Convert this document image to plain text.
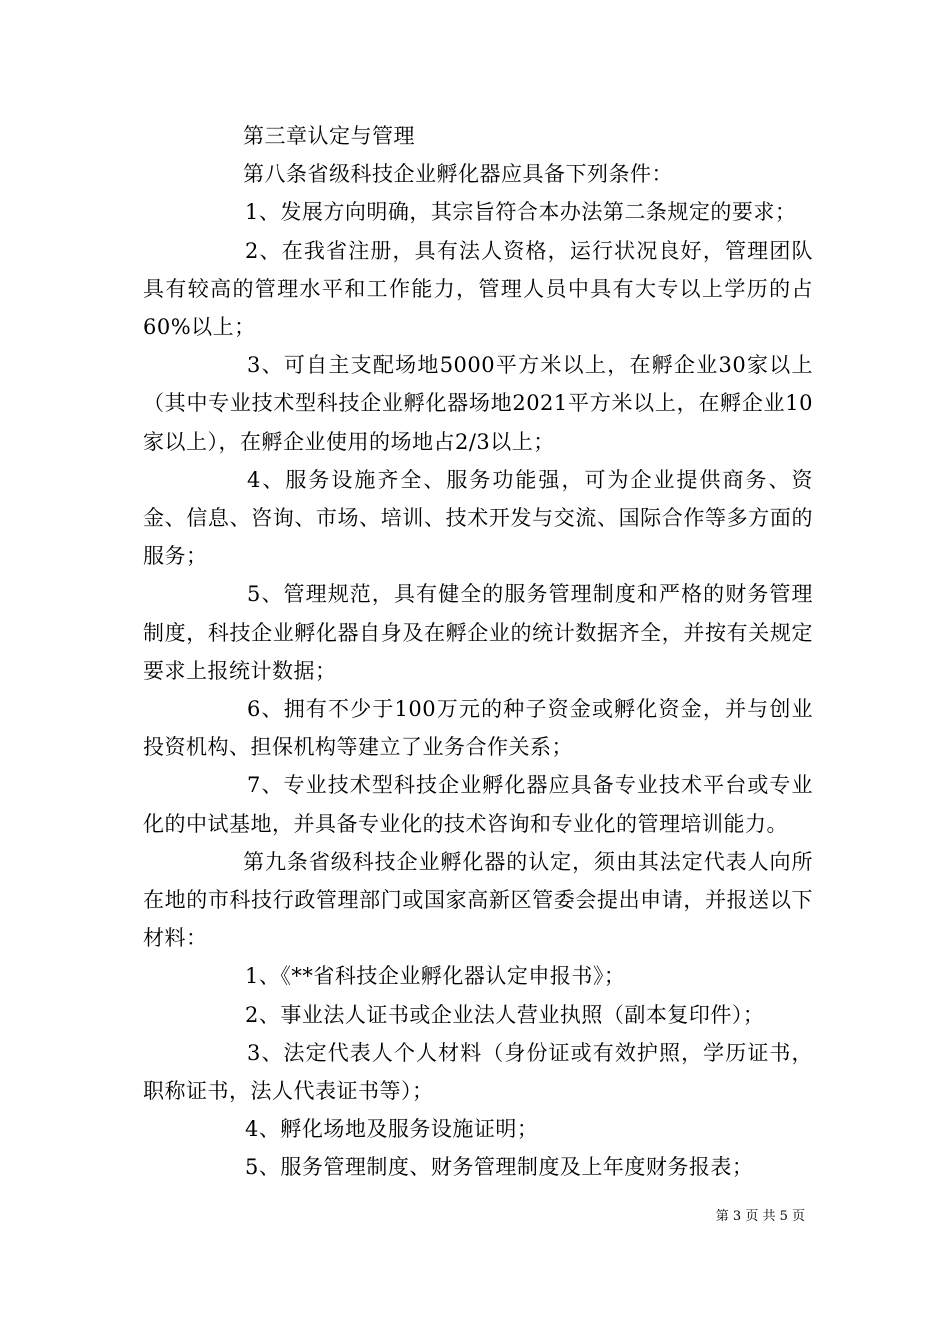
第三章认定与管理

第八条省级科技企业孵化器应具备下列条件：

1、发展方向明确，其宗旨符合本办法第二条规定的要求；

2、在我省注册，具有法人资格，运行状况良好，管理团队具有较高的管理水平和工作能力，管理人员中具有大专以上学历的占60%以上；

3、可自主支配场地5000平方米以上，在孵企业30家以上（其中专业技术型科技企业孵化器场地2021平方米以上，在孵企业10家以上），在孵企业使用的场地占2/3以上；

4、服务设施齐全、服务功能强，可为企业提供商务、资金、信息、咨询、市场、培训、技术开发与交流、国际合作等多方面的服务；

5、管理规范，具有健全的服务管理制度和严格的财务管理制度，科技企业孵化器自身及在孵企业的统计数据齐全，并按有关规定要求上报统计数据；

6、拥有不少于100万元的种子资金或孵化资金，并与创业投资机构、担保机构等建立了业务合作关系；

7、专业技术型科技企业孵化器应具备专业技术平台或专业化的中试基地，并具备专业化的技术咨询和专业化的管理培训能力。

第九条省级科技企业孵化器的认定，须由其法定代表人向所在地的市科技行政管理部门或国家高新区管委会提出申请，并报送以下材料：

1、《**省科技企业孵化器认定申报书》；

2、事业法人证书或企业法人营业执照（副本复印件）；

3、法定代表人个人材料（身份证或有效护照，学历证书，职称证书，法人代表证书等）；

4、孵化场地及服务设施证明；

5、服务管理制度、财务管理制度及上年度财务报表；

第 3 页 共 5 页
